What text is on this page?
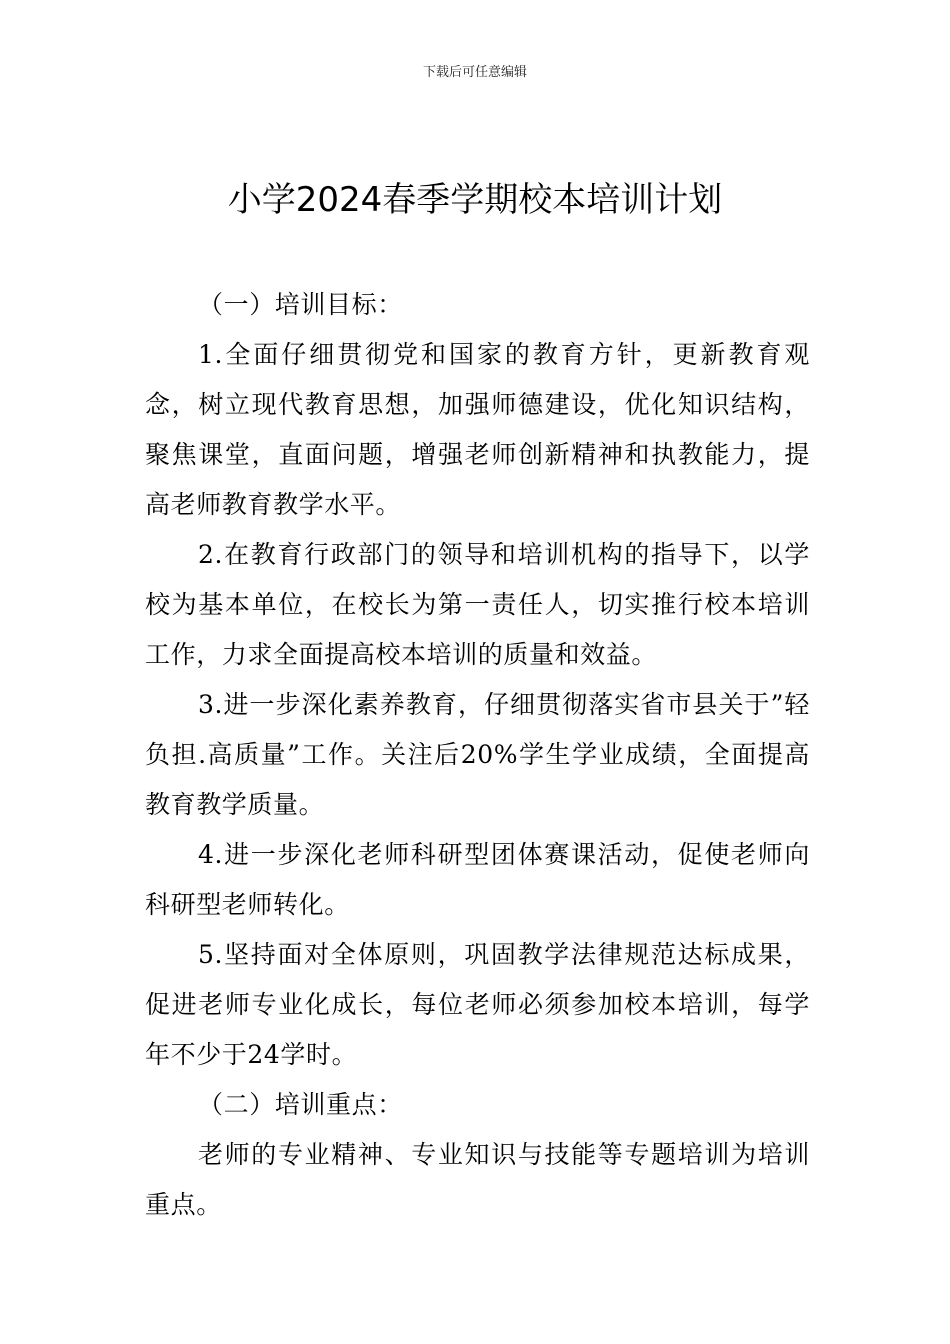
下载后可任意编辑
小学2024春季学期校本培训计划

（一）培训目标：

1.全面仔细贯彻党和国家的教育方针，更新教育观念，树立现代教育思想，加强师德建设，优化知识结构，聚焦课堂，直面问题，增强老师创新精神和执教能力，提高老师教育教学水平。

2.在教育行政部门的领导和培训机构的指导下，以学校为基本单位，在校长为第一责任人，切实推行校本培训工作，力求全面提高校本培训的质量和效益。

3.进一步深化素养教育，仔细贯彻落实省市县关于”轻负担.高质量”工作。关注后20%学生学业成绩，全面提高教育教学质量。

4.进一步深化老师科研型团体赛课活动，促使老师向科研型老师转化。

5.坚持面对全体原则，巩固教学法律规范达标成果，促进老师专业化成长，每位老师必须参加校本培训，每学年不少于24学时。

（二）培训重点：

老师的专业精神、专业知识与技能等专题培训为培训重点。
